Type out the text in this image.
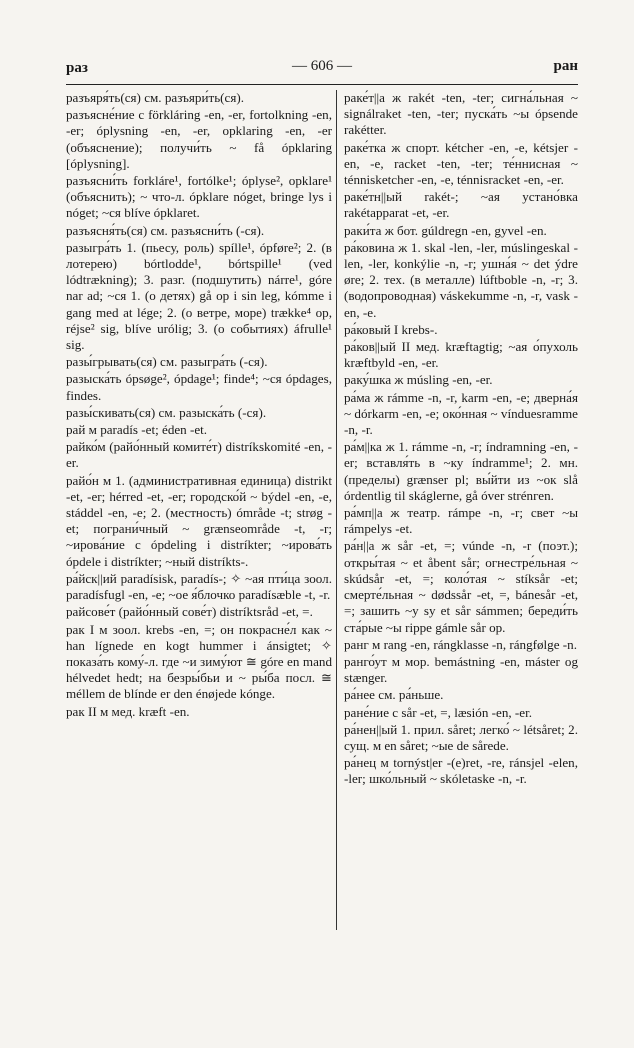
раз	— 606 —	ран

разъяря́ть(ся) см. разъяри́ть(ся).

разъясне́ние с förkláring -en, -er, fortolkning -en, -er; óplysning -en, -er, opklaring -en, -er (объяснение); получи́ть ~ få ópklaring [óplysning].

разъясни́ть forkláre¹, fortólke¹; óplyse², opklare¹ (объяснить); ~ что-л. ópklare nóget, bringe lys i nóget; ~ся blíve ópklaret.

разъясня́ть(ся) см. разъясни́ть (-ся).

разыгра́ть 1. (пьесу, роль) spílle¹, ópføre²; 2. (в лотерею) bórtlodde¹, bórtspille¹ (ved lódtrækning); 3. разг. (подшутить) nárre¹, góre nar ad; ~ся 1. (о детях) gå op i sin leg, kómme i gang med at lége; 2. (о ветре, море) trække⁴ op, réjse² sig, blíve urólig; 3. (о событиях) áfrulle¹ sig.

разы́грывать(ся) см. разыгра́ть (-ся).

разыска́ть ópsøge², ópdage¹; finde⁴; ~ся ópdages, findes.

разы́скивать(ся) см. разыска́ть (-ся).

рай м paradís -et; éden -et.

райко́м (райо́нный комите́т) distríkskomité -en, -er.

райо́н м 1. (административная единица) distrikt -et, -er; hérred -et, -er; городско́й ~ býdel -en, -e, stáddel -en, -e; 2. (местность) ómråde -t; strøg -et; пограни́чный ~ grænseområde -t, -r; ~ирова́ние с ópdeling i distríkter; ~ирова́ть ópdele i distríkter; ~ный distríkts-.

ра́йск||ий paradísisk, paradís-; ✧ ~ая пти́ца зоол. paradísfugl -en, -e; ~ое я́блочко paradísæble -t, -r.

райсове́т (райо́нный сове́т) distríktsråd -et, =.

рак I м зоол. krebs -en, =; он покрасне́л как ~ han lígnede en kogt hummer i ánsigtet; ✧ показа́ть кому́-л. где ~и зиму́ют ≅ góre en mand hélvedet hedt; на безры́бьи и ~ ры́ба посл. ≅ méllem de blínde er den énøjede kónge.

рак II м мед. kræft -en.

раке́т||а ж rakét -ten, -ter; сигна́льная ~ signálraket -ten, -ter; пуска́ть ~ы ópsende rakétter.

раке́тка ж спорт. kétcher -en, -e, kétsjer -en, -e, racket -ten, -ter; те́ннисная ~ ténnisketcher -en, -e, ténnisracket -en, -er.

раке́тн||ый rakét-; ~ая устано́вка rakétapparat -et, -er.

раки́та ж бот. gúldregn -en, gyvel -en.

ра́ковина ж 1. skal -len, -ler, múslingeskal -len, -ler, konkýlie -n, -r; ушна́я ~ det ýdre øre; 2. тех. (в металле) lúftboble -n, -r; 3. (водопроводная) váskekumme -n, -r, vask -en, -e.

ра́ковый I krebs-.

ра́ков||ый II мед. kræftagtig; ~ая о́пухоль kræftbyld -en, -er.

раку́шка ж músling -en, -er.

ра́ма ж rámme -n, -r, karm -en, -e; дверна́я ~ dórkarm -en, -e; око́нная ~ vínduesramme -n, -r.

ра́м||ка ж 1. rámme -n, -r; índramning -en, -er; вставля́ть в ~ку índramme¹; 2. мн. (пределы) grænser pl; вы́йти из ~ок slå órdentlig til skáglerne, gå óver strénгеn.

ра́мп||а ж театр. rámpe -n, -r; свет ~ы rámpelys -et.

ра́н||а ж sår -et, =; vúnde -n, -r (поэт.); откры́тая ~ et åbent sår; огнестре́льная ~ skúdsår -et, =; коло́тая ~ stíksår -et; смерте́льная ~ dødssår -et, =, bánesår -et, =; зашить ~у sy et sår sámmen; береди́ть ста́рые ~ы rippe gámle sår op.

ранг м rang -en, rángklasse -n, rángfølge -n.

ранго́ут м мор. bemástning -en, máster og stænger.

ра́нее см. ра́ньше.

ране́ние с sår -et, =, læsión -en, -er.

ра́нен||ый 1. прил. såret; легко́ ~ létsåret; 2. сущ. м en såret; ~ые de sårede.

ра́нец м tornýst|er -(e)ret, -re, ránsjel -elen, -ler; шко́льный ~ skóletaske -n, -r.
